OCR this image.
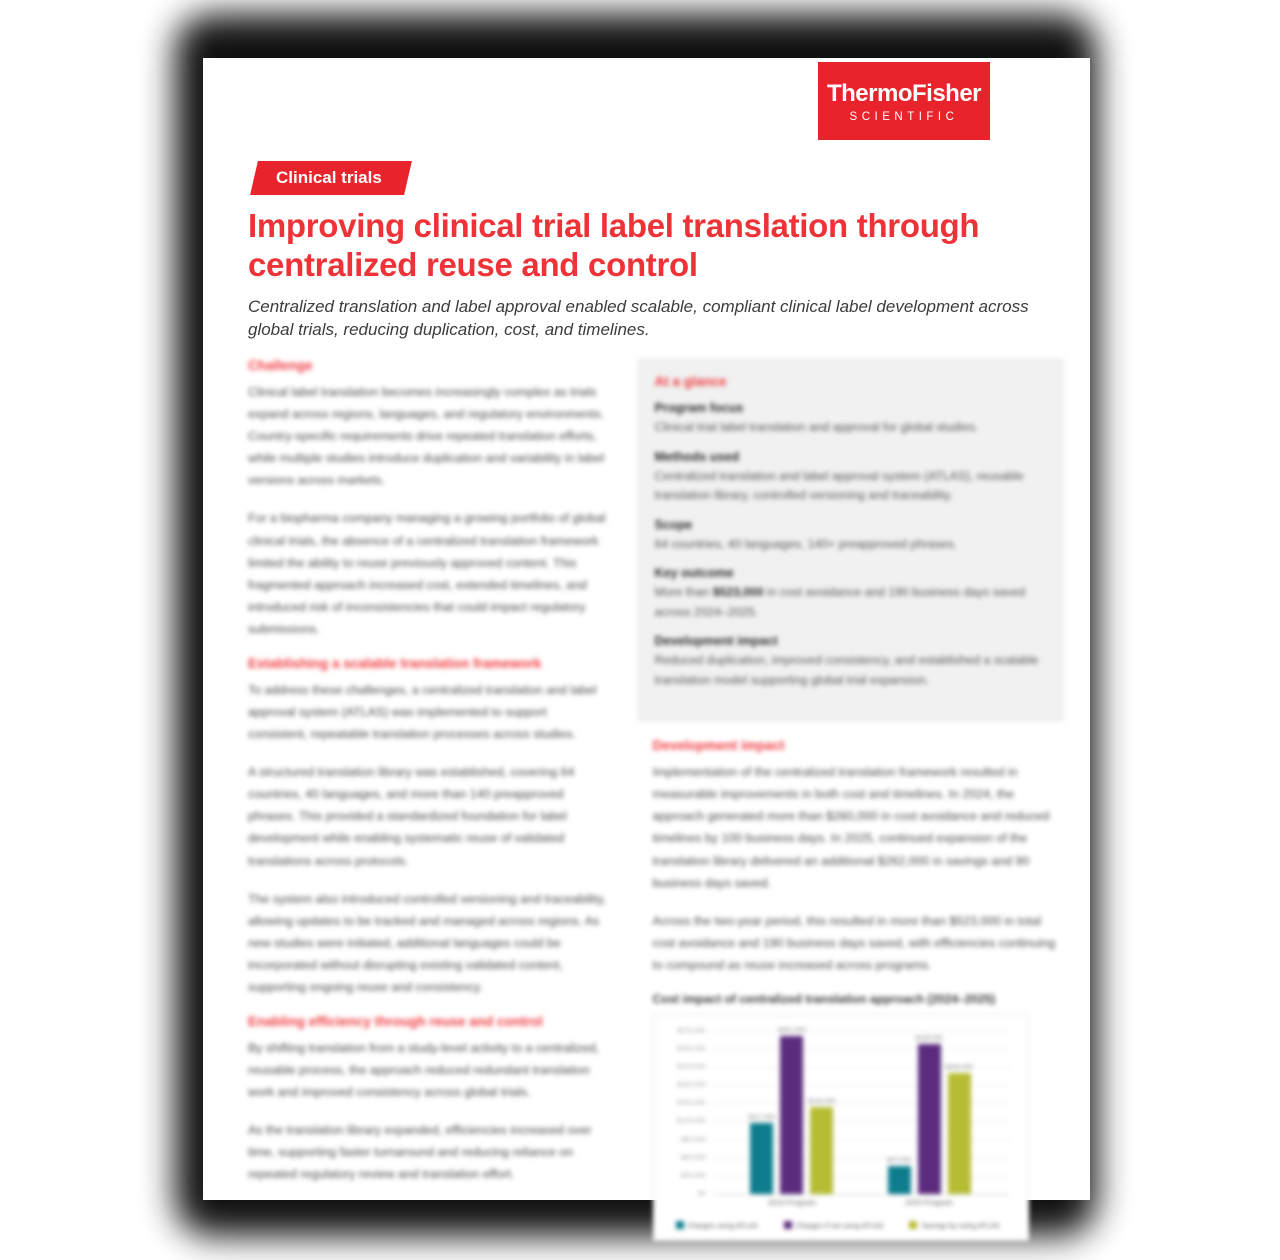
ThermoFisher
SCIENTIFIC
Clinical trials
Improving clinical trial label translation through centralized reuse and control

Centralized translation and label approval enabled scalable, compliant clinical label development across global trials, reducing duplication, cost, and timelines.

Challenge

Clinical label translation becomes increasingly complex as trials expand across regions, languages, and regulatory environments. Country-specific requirements drive repeated translation efforts, while multiple studies introduce duplication and variability in label versions across markets.

For a biopharma company managing a growing portfolio of global clinical trials, the absence of a centralized translation framework limited the ability to reuse previously approved content. This fragmented approach increased cost, extended timelines, and introduced risk of inconsistencies that could impact regulatory submissions.

Establishing a scalable translation framework

To address these challenges, a centralized translation and label approval system (ATLAS) was implemented to support consistent, repeatable translation processes across studies.

A structured translation library was established, covering 64 countries, 40 languages, and more than 140 preapproved phrases. This provided a standardized foundation for label development while enabling systematic reuse of validated translations across protocols.

The system also introduced controlled versioning and traceability, allowing updates to be tracked and managed across regions. As new studies were initiated, additional languages could be incorporated without disrupting existing validated content, supporting ongoing reuse and consistency.

Enabling efficiency through reuse and control

By shifting translation from a study-level activity to a centralized, reusable process, the approach reduced redundant translation work and improved consistency across global trials.

As the translation library expanded, efficiencies increased over time, supporting faster turnaround and reducing reliance on repeated regulatory review and translation effort.

At a glance
Program focus
Clinical trial label translation and approval for global studies.
Methods used
Centralized translation and label approval system (ATLAS), reusable translation library, controlled versioning and traceability.
Scope
64 countries, 40 languages, 140+ preapproved phrases.
Key outcome
More than $523,000 in cost avoidance and 190 business days saved across 2024–2025.
Development impact
Reduced duplication, improved consistency, and established a scalable translation model supporting global trial expansion.
Development impact

Implementation of the centralized translation framework resulted in measurable improvements in both cost and timelines. In 2024, the approach generated more than $260,000 in cost avoidance and reduced timelines by 100 business days. In 2025, continued expansion of the translation library delivered an additional $262,000 in savings and 90 business days saved.

Across the two-year period, this resulted in more than $523,000 in total cost avoidance and 190 business days saved, with efficiencies continuing to compound as reuse increased across programs.

Cost impact of centralized translation approach (2024–2025)
$0
$30,000
$60,000
$90,000
$120,000
$150,000
$180,000
$210,000
$240,000
$270,000
$117,000
$261,000
$144,000
2024 Program
$47,000
$248,000
$200,000
2025 Program
Charges using ATLAS	Charges if not using ATLAS	Savings by using ATLAS
